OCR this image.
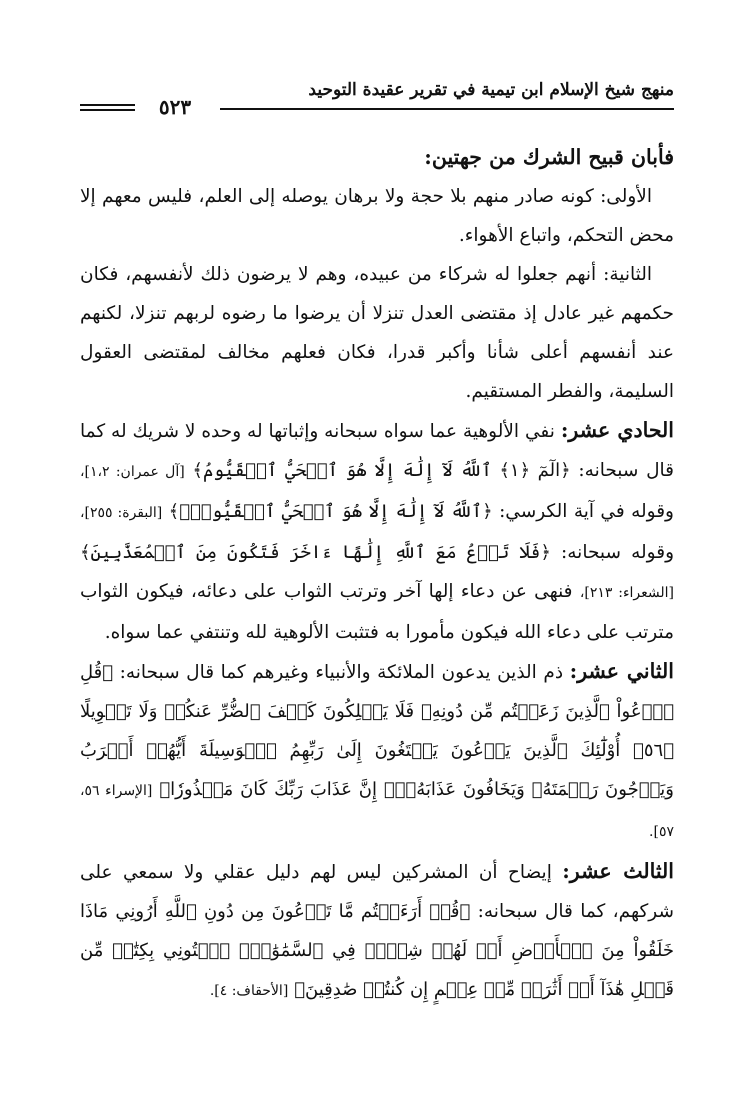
منهج شيخ الإسلام ابن تيمية في تقرير عقيدة التوحيد
٥٢٣

فأبان قبيح الشرك من جهتين:

الأولى: كونه صادر منهم بلا حجة ولا برهان يوصله إلى العلم، فليس معهم إلا محض التحكم، واتباع الأهواء.

الثانية: أنهم جعلوا له شركاء من عبيده، وهم لا يرضون ذلك لأنفسهم، فكان حكمهم غير عادل إذ مقتضى العدل تنزلا أن يرضوا ما رضوه لربهم تنزلا، لكنهم عند أنفسهم أعلى شأنا وأكبر قدرا، فكان فعلهم مخالف لمقتضى العقول السليمة، والفطر المستقيم.

الحادي عشر: نفي الألوهية عما سواه سبحانه وإثباتها له وحده لا شريك له كما قال سبحانه: ﴿الٓمٓ ﴿١﴾ ٱللَّهُ لَآ إِلَٰهَ إِلَّا هُوَ ٱلۡحَيُّ ٱلۡقَيُّومُ﴾ [آل عمران: ١،٢]، وقوله في آية الكرسي: ﴿ٱللَّهُ لَآ إِلَٰهَ إِلَّا هُوَ ٱلۡحَيُّ ٱلۡقَيُّومُۚ﴾ [البقرة: ٢٥٥]، وقوله سبحانه: ﴿فَلَا تَدۡعُ مَعَ ٱللَّهِ إِلَٰهًا ءَاخَرَ فَتَكُونَ مِنَ ٱلۡمُعَذَّبِينَ﴾ [الشعراء: ٢١٣]، فنهى عن دعاء إلها آخر وترتب الثواب على دعائه، فيكون الثواب مترتب على دعاء الله فيكون مأمورا به فتثبت الألوهية لله وتنتفي عما سواه.

الثاني عشر: ذم الذين يدعون الملائكة والأنبياء وغيرهم كما قال سبحانه: ﴿قُلِ ٱدۡعُواْ ٱلَّذِينَ زَعَمۡتُم مِّن دُونِهِۦ فَلَا يَمۡلِكُونَ كَشۡفَ ٱلضُّرِّ عَنكُمۡ وَلَا تَحۡوِيلًا ﴿٥٦﴾ أُوْلَٰٓئِكَ ٱلَّذِينَ يَدۡعُونَ يَبۡتَغُونَ إِلَىٰ رَبِّهِمُ ٱلۡوَسِيلَةَ أَيُّهُمۡ أَقۡرَبُ وَيَرۡجُونَ رَحۡمَتَهُۥ وَيَخَافُونَ عَذَابَهُۥٓۚ إِنَّ عَذَابَ رَبِّكَ كَانَ مَحۡذُورٗا﴾ [الإسراء ٥٦، ٥٧].

الثالث عشر: إيضاح أن المشركين ليس لهم دليل عقلي ولا سمعي على شركهم، كما قال سبحانه: ﴿قُلۡ أَرَءَيۡتُم مَّا تَدۡعُونَ مِن دُونِ ٱللَّهِ أَرُونِي مَاذَا خَلَقُواْ مِنَ ٱلۡأَرۡضِ أَمۡ لَهُمۡ شِرۡكٞ فِي ٱلسَّمَٰوَٰتِۖ ٱئۡتُونِي بِكِتَٰبٖ مِّن قَبۡلِ هَٰذَآ أَوۡ أَثَٰرَةٖ مِّنۡ عِلۡمٍ إِن كُنتُمۡ صَٰدِقِينَ﴾ [الأحقاف: ٤].
